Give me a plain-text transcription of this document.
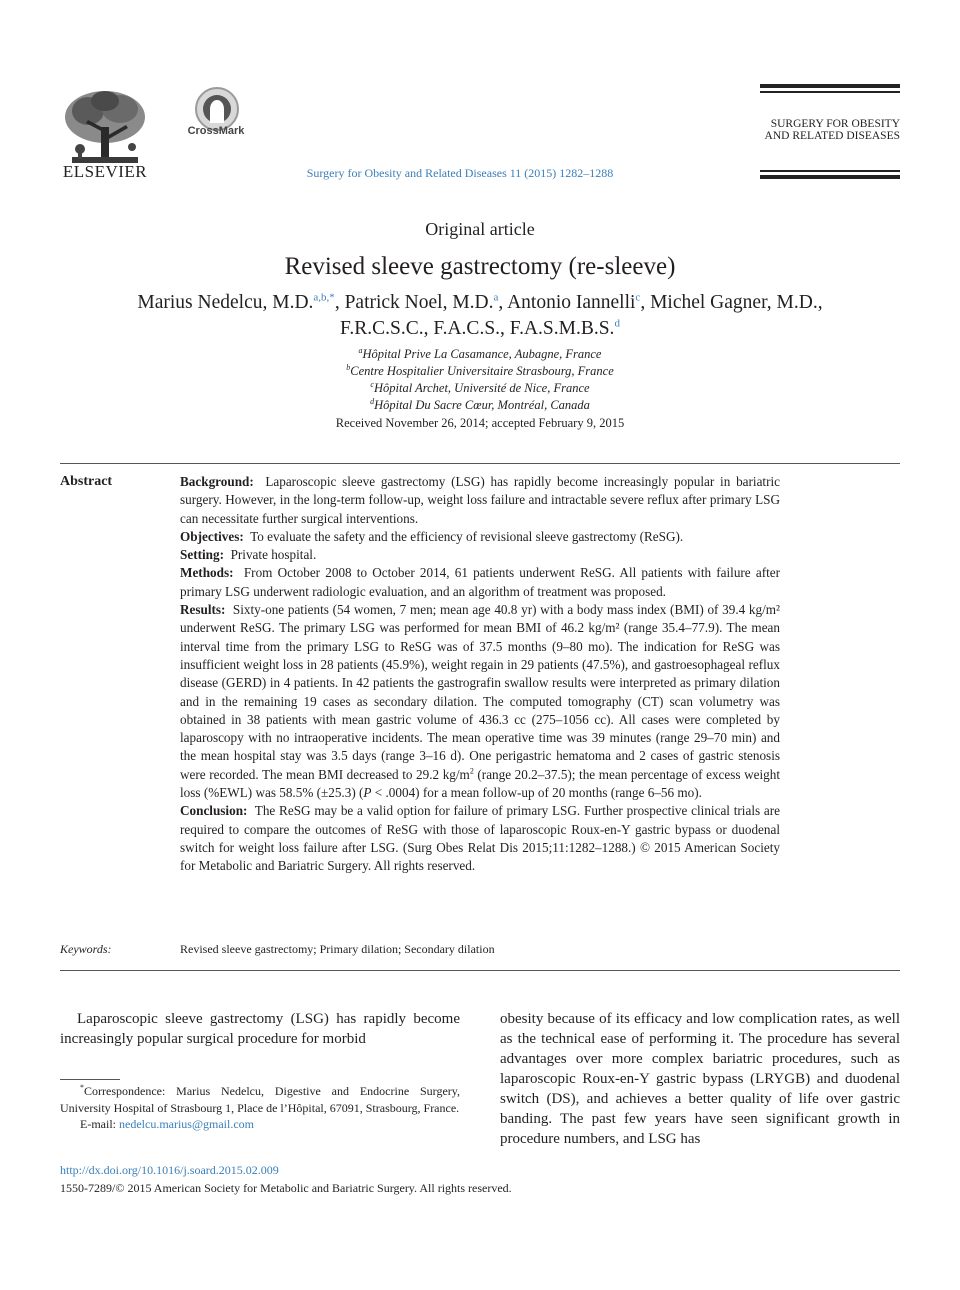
ELSEVIER
CrossMark
Surgery for Obesity and Related Diseases 11 (2015) 1282–1288
SURGERY FOR OBESITY
AND RELATED DISEASES
Original article
Revised sleeve gastrectomy (re-sleeve)
Marius Nedelcu, M.D.$^{a,b,*}$, Patrick Noel, M.D.$^a$, Antonio Iannelli$^c$, Michel Gagner, M.D.,
F.R.C.S.C., F.A.C.S., F.A.S.M.B.S.$^d$
$^a$Hôpital Prive La Casamance, Aubagne, France
$^b$Centre Hospitalier Universitaire Strasbourg, France
$^c$Hôpital Archet, Université de Nice, France
$^d$Hôpital Du Sacre Cœur, Montréal, Canada
Received November 26, 2014; accepted February 9, 2015
Abstract	Background: Laparoscopic sleeve gastrectomy (LSG) has rapidly become increasingly popular in bariatric surgery. However, in the long-term follow-up, weight loss failure and intractable severe reflux after primary LSG can necessitate further surgical interventions.

Objectives: To evaluate the safety and the efficiency of revisional sleeve gastrectomy (ReSG).

Setting: Private hospital.

Methods: From October 2008 to October 2014, 61 patients underwent ReSG. All patients with failure after primary LSG underwent radiologic evaluation, and an algorithm of treatment was proposed.

Results: Sixty-one patients (54 women, 7 men; mean age 40.8 yr) with a body mass index (BMI) of 39.4 kg/m² underwent ReSG. The primary LSG was performed for mean BMI of 46.2 kg/m² (range 35.4–77.9). The mean interval time from the primary LSG to ReSG was of 37.5 months (9–80 mo). The indication for ReSG was insufficient weight loss in 28 patients (45.9%), weight regain in 29 patients (47.5%), and gastroesophageal reflux disease (GERD) in 4 patients. In 42 patients the gastrografin swallow results were interpreted as primary dilation and in the remaining 19 cases as secondary dilation. The computed tomography (CT) scan volumetry was obtained in 38 patients with mean gastric volume of 436.3 cc (275–1056 cc). All cases were completed by laparoscopy with no intraoperative incidents. The mean operative time was 39 minutes (range 29–70 min) and the mean hospital stay was 3.5 days (range 3–16 d). One perigastric hematoma and 2 cases of gastric stenosis were recorded. The mean BMI decreased to 29.2 $kg/m^2$ (range 20.2–37.5); the mean percentage of excess weight loss (%EWL) was 58.5% (±25.3) (P < .0004) for a mean follow-up of 20 months (range 6–56 mo).

Conclusion: The ReSG may be a valid option for failure of primary LSG. Further prospective clinical trials are required to compare the outcomes of ReSG with those of laparoscopic Roux-en-Y gastric bypass or duodenal switch for weight loss failure after LSG. (Surg Obes Relat Dis 2015;11:1282–1288.) © 2015 American Society for Metabolic and Bariatric Surgery. All rights reserved.

Keywords:	Revised sleeve gastrectomy; Primary dilation; Secondary dilation

Laparoscopic sleeve gastrectomy (LSG) has rapidly become increasingly popular surgical procedure for morbid

obesity because of its efficacy and low complication rates, as well as the technical ease of performing it. The procedure has several advantages over more complex bariatric procedures, such as laparoscopic Roux-en-Y gastric bypass (LRYGB) and duodenal switch (DS), and achieves a better quality of life over gastric banding. The past few years have seen significant growth in procedure numbers, and LSG has

*Correspondence: Marius Nedelcu, Digestive and Endocrine Surgery, University Hospital of Strasbourg 1, Place de l’Hôpital, 67091, Strasbourg, France.

E-mail: nedelcu.marius@gmail.com

http://dx.doi.org/10.1016/j.soard.2015.02.009
1550-7289/© 2015 American Society for Metabolic and Bariatric Surgery. All rights reserved.
